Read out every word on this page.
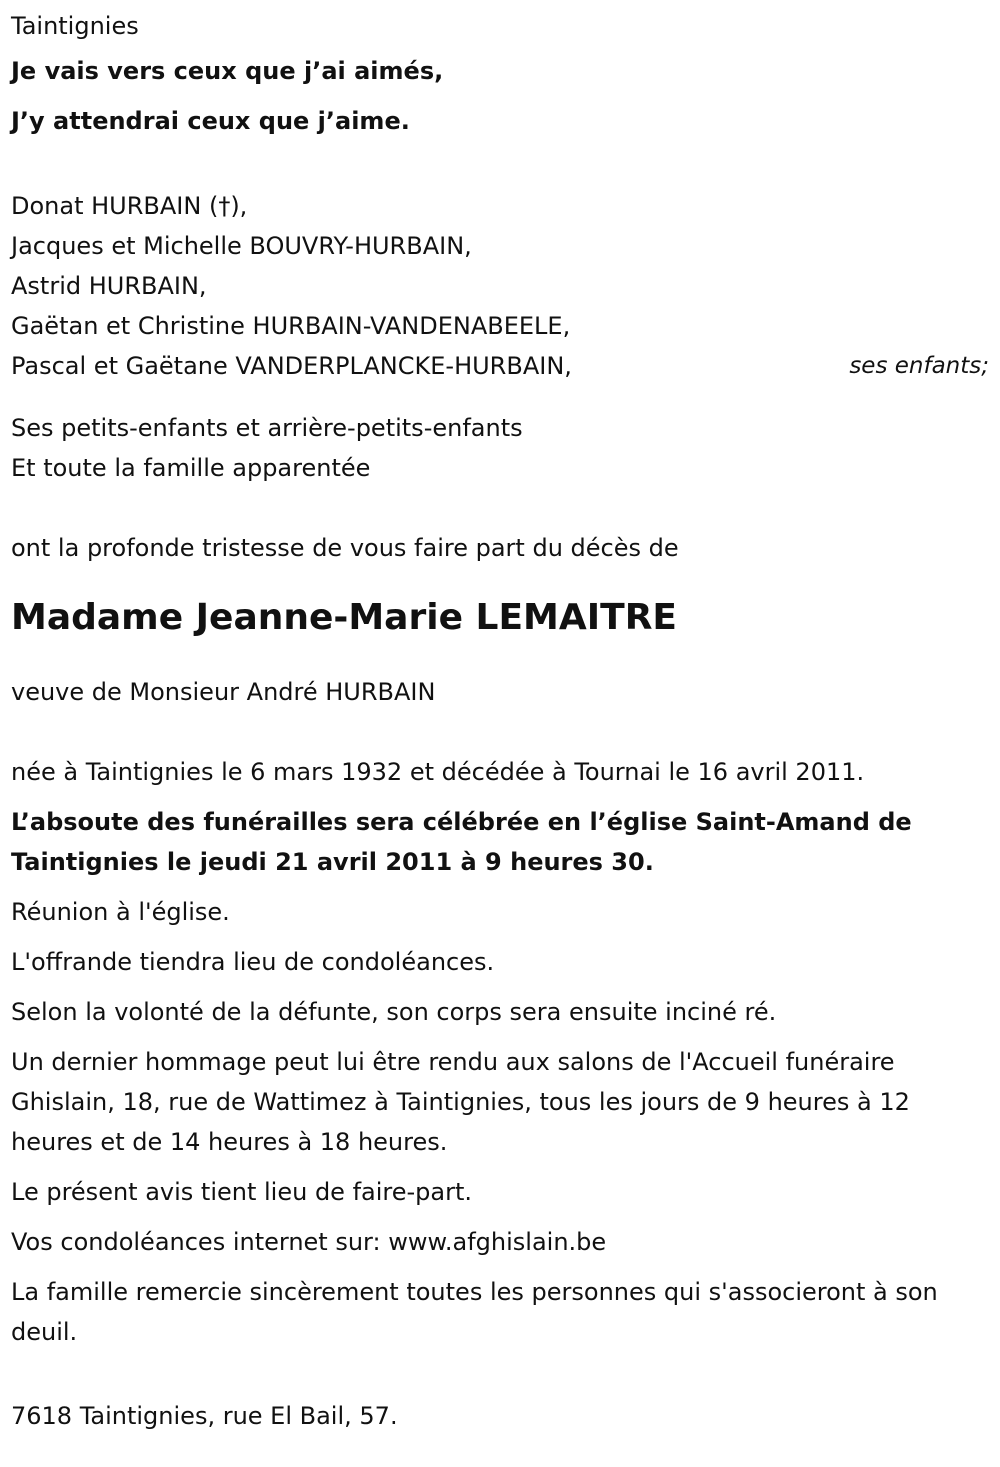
Taintignies

Je vais vers ceux que j’ai aimés,

J’y attendrai ceux que j’aime.

Donat HURBAIN (†),

Jacques et Michelle BOUVRY-HURBAIN,

Astrid HURBAIN,

Gaëtan et Christine HURBAIN-VANDENABEELE,

Pascal et Gaëtane VANDERPLANCKE-HURBAIN,	ses enfants;

Ses petits-enfants et arrière-petits-enfants

Et toute la famille apparentée

ont la profonde tristesse de vous faire part du décès de

Madame Jeanne-Marie LEMAITRE

veuve de Monsieur André HURBAIN

née à Taintignies le 6 mars 1932 et décédée à Tournai le 16 avril 2011.

L’absoute des funérailles sera célébrée en l’église Saint-Amand de Taintignies le jeudi 21 avril 2011 à 9 heures 30.

Réunion à l'église.

L'offrande tiendra lieu de condoléances.

Selon la volonté de la défunte, son corps sera ensuite inciné ré.

Un dernier hommage peut lui être rendu aux salons de l'Accueil funéraire Ghislain, 18, rue de Wattimez à Taintignies, tous les jours de 9 heures à 12 heures et de 14 heures à 18 heures.

Le présent avis tient lieu de faire-part.

Vos condoléances internet sur: www.afghislain.be

La famille remercie sincèrement toutes les personnes qui s'associeront à son deuil.

7618 Taintignies, rue El Bail, 57.
